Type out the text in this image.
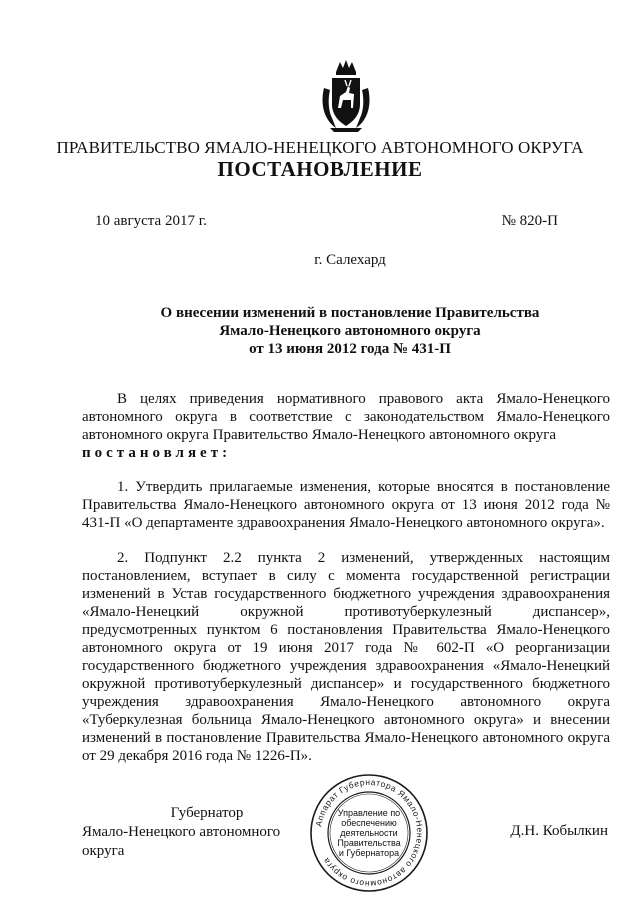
ПРАВИТЕЛЬСТВО ЯМАЛО-НЕНЕЦКОГО АВТОНОМНОГО ОКРУГА
ПОСТАНОВЛЕНИЕ
10 августа 2017 г.	№ 820-П
г. Салехард
О внесении изменений в постановление Правительства
Ямало-Ненецкого автономного округа
от 13 июня 2012 года № 431-П
В целях приведения нормативного правового акта Ямало-Ненецкого автономного округа в соответствие с законодательством Ямало-Ненецкого автономного округа Правительство Ямало-Ненецкого автономного округа
постановляет:
1. Утвердить прилагаемые изменения, которые вносятся в постановление Правительства Ямало-Ненецкого автономного округа от 13 июня 2012 года № 431-П «О департаменте здравоохранения Ямало-Ненецкого автономного округа».
2. Подпункт 2.2 пункта 2 изменений, утвержденных настоящим постановлением, вступает в силу с момента государственной регистрации изменений в Устав государственного бюджетного учреждения здравоохранения «Ямало-Ненецкий окружной противотуберкулезный диспансер», предусмотренных пунктом 6 постановления Правительства Ямало-Ненецкого автономного округа от 19 июня 2017 года № 602-П «О реорганизации государственного бюджетного учреждения здравоохранения «Ямало-Ненецкий окружной противотуберкулезный диспансер» и государственного бюджетного учреждения здравоохранения Ямало-Ненецкого автономного округа «Туберкулезная больница Ямало-Ненецкого автономного округа» и внесении изменений в постановление Правительства Ямало-Ненецкого автономного округа от 29 декабря 2016 года № 1226-П».
Губернатор
Ямало-Ненецкого автономного округа
Аппарат Губернатора Ямало-Ненецкого автономного округа
Управление по
обеспечению
деятельности
Правительства
и Губернатора
Д.Н. Кобылкин
